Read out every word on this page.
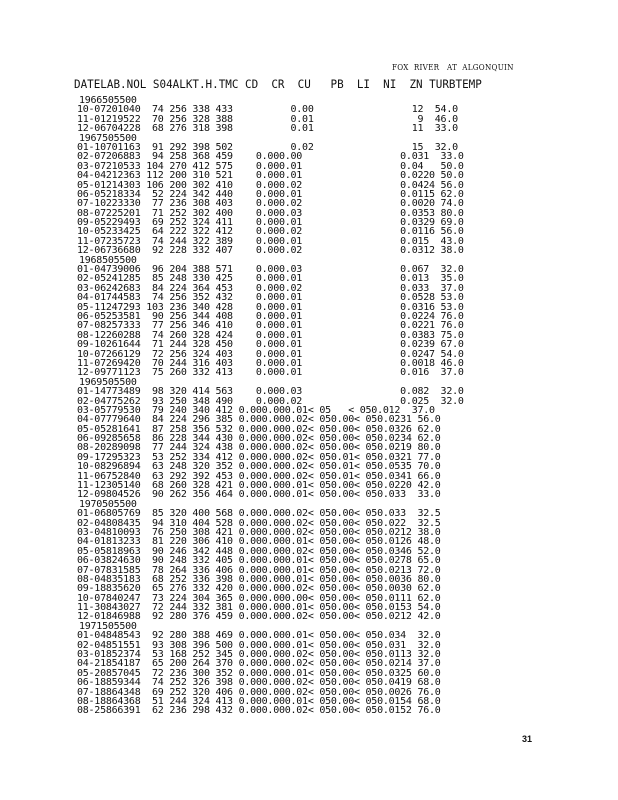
FOX  RIVER   AT  ALGONQUIN
DATELAB.NOL S04ALKT.H.TMC CD  CR  CU   PB  LI  NI  ZN TURBTEMP
1966505500
10-07201040  74 256 338 433          0.00                 12  54.0
11-01219522  70 256 328 388          0.01                  9  46.0
12-06704228  68 276 318 398          0.01                 11  33.0
1967505500
01-10701163  91 292 398 502          0.02                 15  32.0
02-07206883  94 258 368 459    0.000.00                 0.031  33.0
03-07210533 104 270 412 575    0.000.01                 0.04   50.0
04-04212363 112 200 310 521    0.000.01                 0.0220 50.0
05-01214303 106 200 302 410    0.000.02                 0.0424 56.0
06-05218334  52 224 342 440    0.000.01                 0.0115 62.0
07-10223330  77 236 308 403    0.000.02                 0.0020 74.0
08-07225201  71 252 302 400    0.000.03                 0.0353 80.0
09-05229493  69 252 324 411    0.000.01                 0.0329 69.0
10-05233425  64 222 322 412    0.000.02                 0.0116 56.0
11-07235723  74 244 322 389    0.000.01                 0.015  43.0
12-06736680  92 228 332 407    0.000.02                 0.0312 38.0
1968505500
01-04739006  96 204 388 571    0.000.03                 0.067  32.0
02-05241285  85 248 330 425    0.000.01                 0.013  35.0
03-06242683  84 224 364 453    0.000.02                 0.033  37.0
04-01744583  74 256 352 432    0.000.01                 0.0528 53.0
05-11247293 103 236 340 428    0.000.01                 0.0316 53.0
06-05253581  90 256 344 408    0.000.01                 0.0224 76.0
07-08257333  77 256 346 410    0.000.01                 0.0221 76.0
08-12260288  74 260 328 424    0.000.01                 0.0383 75.0
09-10261644  71 244 328 450    0.000.01                 0.0239 67.0
10-07266129  72 256 324 403    0.000.01                 0.0247 54.0
11-07269420  70 244 316 403    0.000.01                 0.0018 46.0
12-09771123  75 260 332 413    0.000.01                 0.016  37.0
1969505500
01-14773489  98 320 414 563    0.000.03                 0.082  32.0
02-04775262  93 250 348 490    0.000.02                 0.025  32.0
03-05779530  79 240 340 412 0.000.000.01< 05   < 050.012  37.0
04-07779640  84 224 296 385 0.000.000.02< 050.00< 050.0231 56.0
05-05281641  87 258 356 532 0.000.000.02< 050.00< 050.0326 62.0
06-09285658  86 228 344 430 0.000.000.02< 050.00< 050.0234 62.0
08-20289098  77 244 324 438 0.000.000.02< 050.00< 050.0219 80.0
09-17295323  53 252 334 412 0.000.000.02< 050.01< 050.0321 77.0
10-08296894  63 248 320 352 0.000.000.02< 050.01< 050.0535 70.0
11-06752840  63 292 392 453 0.000.000.02< 050.01< 050.0341 66.0
11-12305140  68 260 328 421 0.000.000.01< 050.00< 050.0220 42.0
12-09804526  90 262 356 464 0.000.000.01< 050.00< 050.033  33.0
1970505500
01-06805769  85 320 400 568 0.000.000.02< 050.00< 050.033  32.5
02-04808435  94 310 404 528 0.000.000.02< 050.00< 050.022  32.5
03-04810093  76 250 308 421 0.000.000.02< 050.00< 050.0212 38.0
04-01813233  81 220 306 410 0.000.000.01< 050.00< 050.0126 48.0
05-05818963  90 246 342 448 0.000.000.02< 050.00< 050.0346 52.0
06-03824630  90 248 332 405 0.000.000.01< 050.00< 050.0278 65.0
07-07831585  78 264 336 406 0.000.000.01< 050.00< 050.0213 72.0
08-04835183  68 252 336 398 0.000.000.01< 050.00< 050.0036 80.0
09-18835620  65 276 332 420 0.000.000.02< 050.00< 050.0030 62.0
10-07840247  73 224 304 365 0.000.000.00< 050.00< 050.0111 62.0
11-30843027  72 244 332 381 0.000.000.01< 050.00< 050.0153 54.0
12-01846988  92 280 376 459 0.000.000.02< 050.00< 050.0212 42.0
1971505500
01-04848543  92 280 388 469 0.000.000.01< 050.00< 050.034  32.0
02-04851551  93 308 396 500 0.000.000.01< 050.00< 050.031  32.0
03-01852374  53 168 252 345 0.000.000.02< 050.00< 050.0113 32.0
04-21854187  65 200 264 370 0.000.000.02< 050.00< 050.0214 37.0
05-20857045  72 236 300 352 0.000.000.01< 050.00< 050.0325 60.0
06-18859344  74 252 326 398 0.000.000.02< 050.00< 050.0419 68.0
07-18864348  69 252 320 406 0.000.000.02< 050.00< 050.0026 76.0
08-18864368  51 244 324 413 0.000.000.01< 050.00< 050.0154 68.0
08-25866391  62 236 298 432 0.000.000.02< 050.00< 050.0152 76.0
31
